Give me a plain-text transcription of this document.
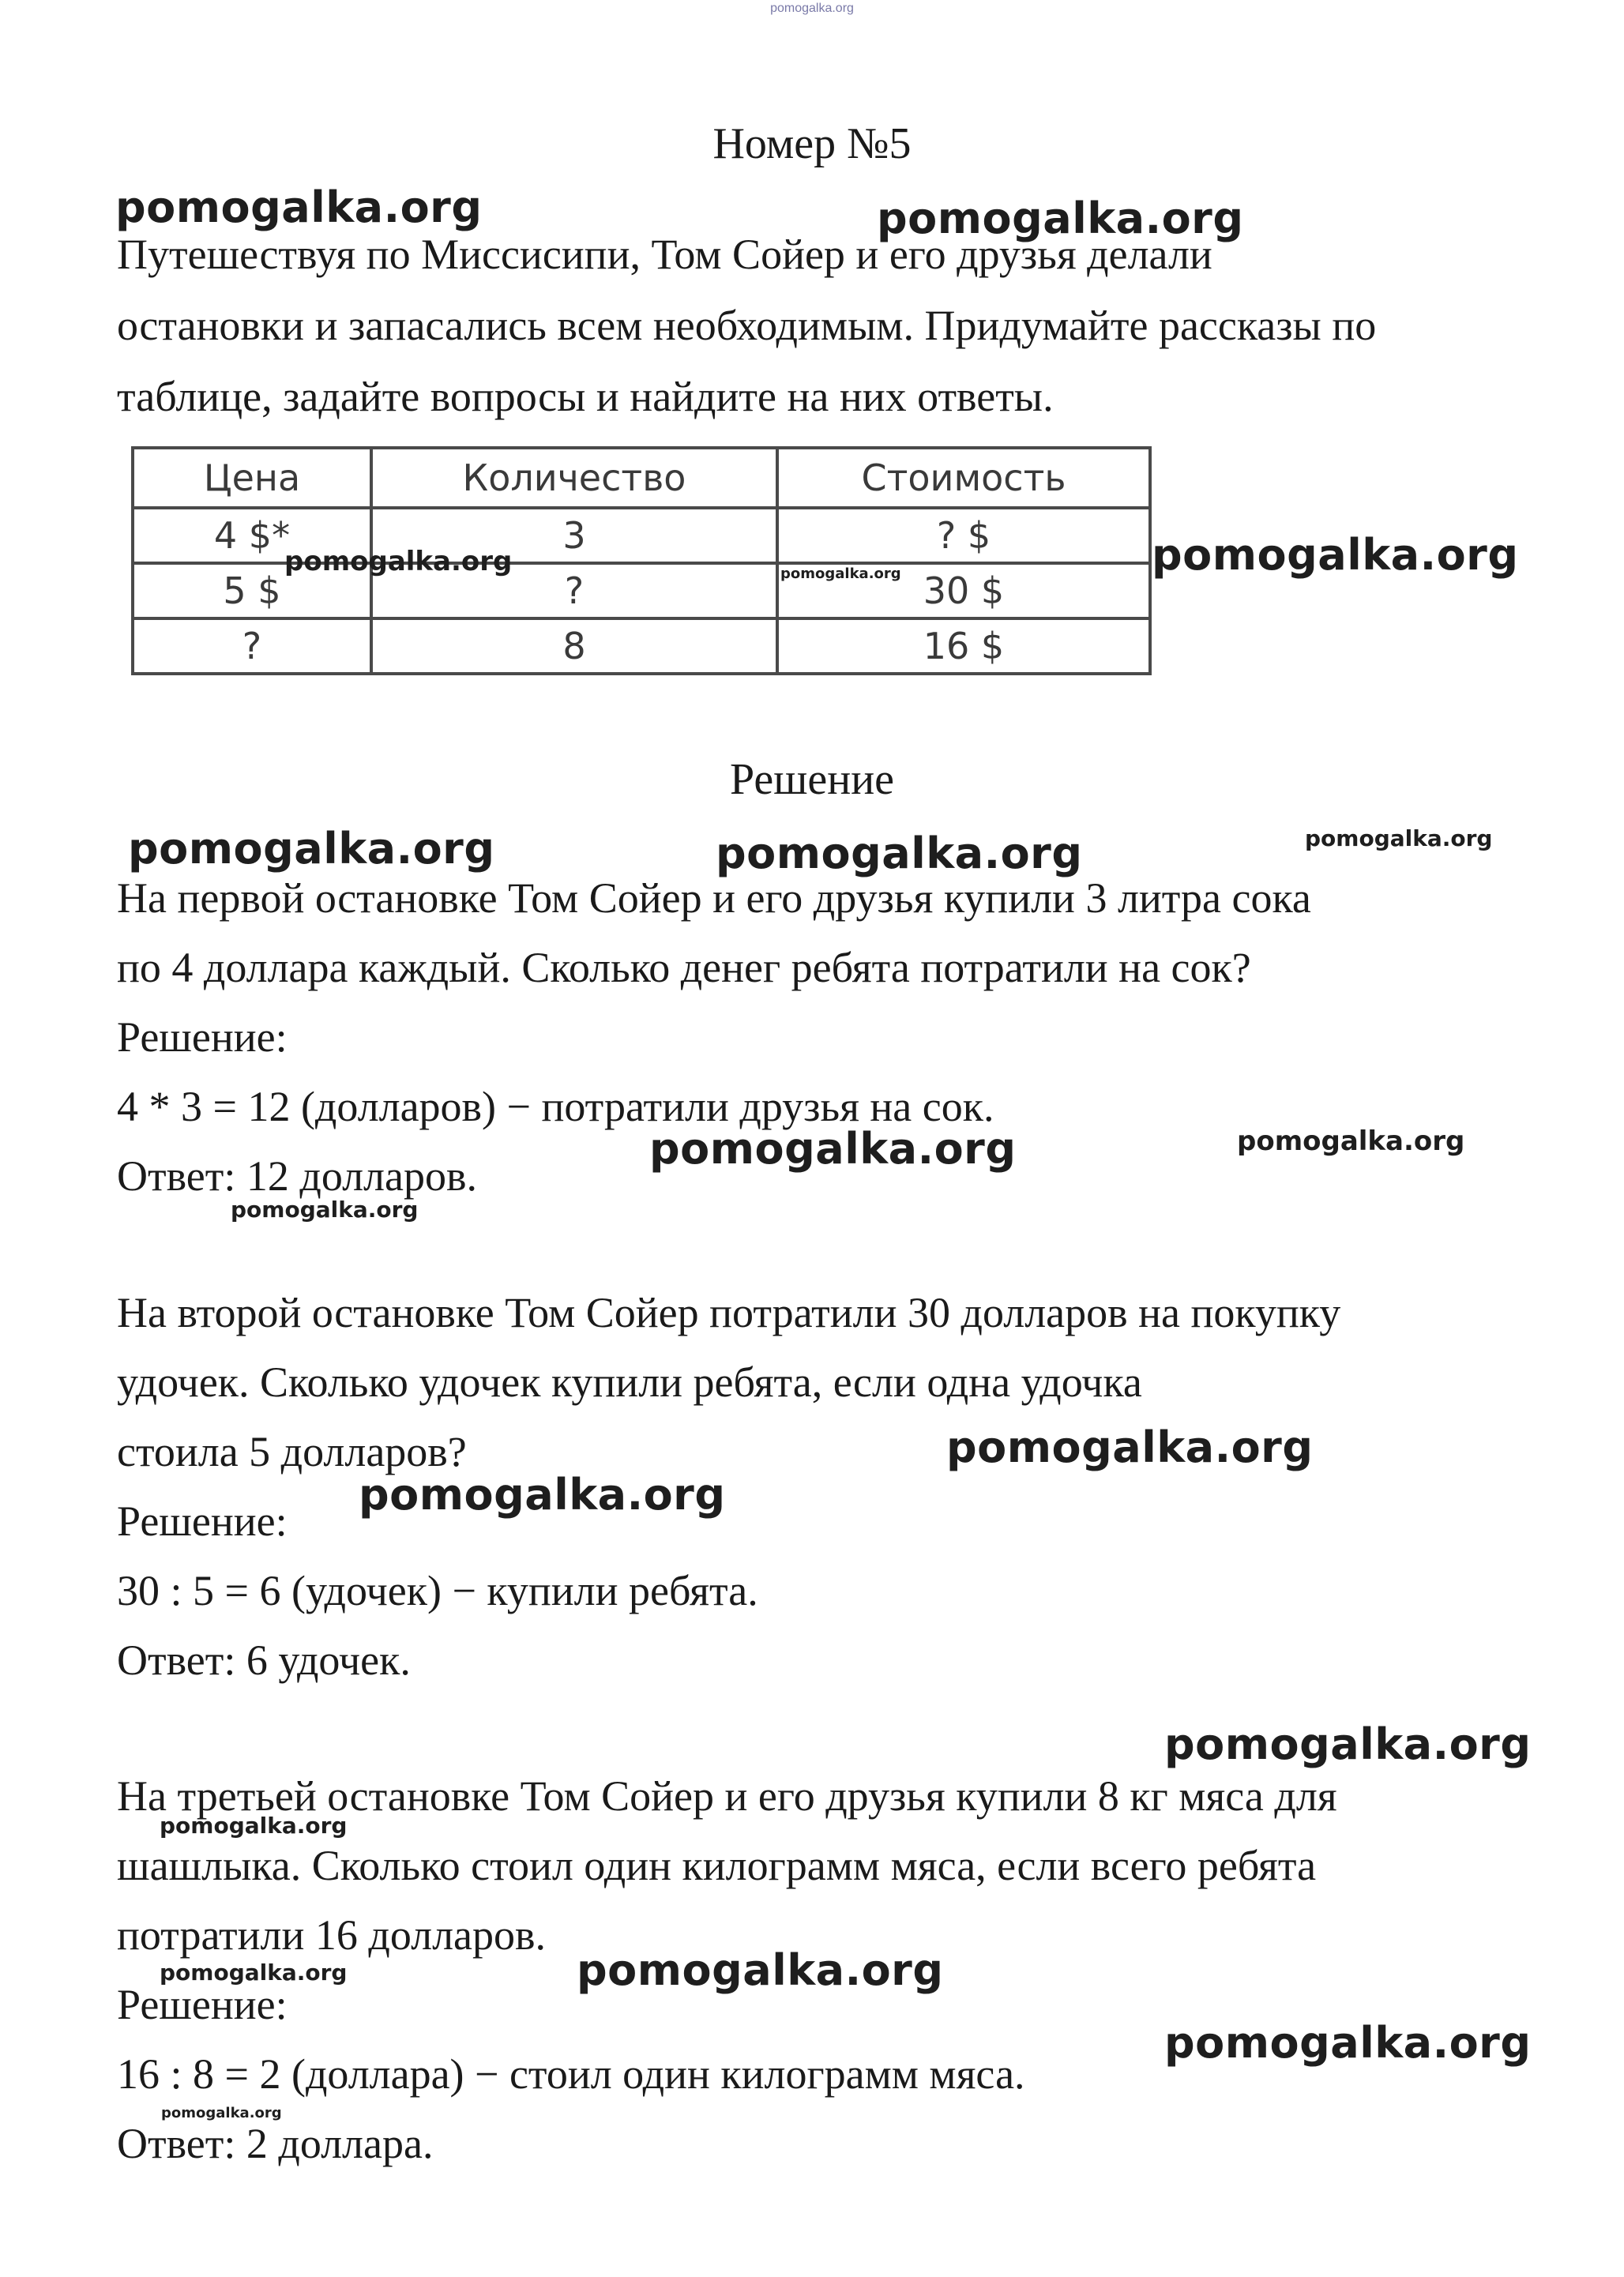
pomogalka.org
Номер №5
Путешествуя по Миссисипи, Том Сойер и его друзья делали
остановки и запасались всем необходимым. Придумайте рассказы по
таблице, задайте вопросы и найдите на них ответы.
Цена	Количество	Стоимость
4 $*	3	? $
5 $	?	30 $
?	8	16 $
Решение
На первой остановке Том Сойер и его друзья купили 3 литра сока
по 4 доллара каждый. Сколько денег ребята потратили на сок?
Решение:
4 * 3 = 12 (долларов) − потратили друзья на сок.
Ответ: 12 долларов.
На второй остановке Том Сойер потратили 30 долларов на покупку
удочек. Сколько удочек купили ребята, если одна удочка
стоила 5 долларов?
Решение:
30 : 5 = 6 (удочек) − купили ребята.
Ответ: 6 удочек.
На третьей остановке Том Сойер и его друзья купили 8 кг мяса для
шашлыка. Сколько стоил один килограмм мяса, если всего ребята
потратили 16 долларов.
Решение:
16 : 8 = 2 (доллара) − стоил один килограмм мяса.
Ответ: 2 доллара.
pomogalka.org	pomogalka.org
pomogalka.org	pomogalka.org	pomogalka.org
pomogalka.org	pomogalka.org	pomogalka.org
pomogalka.org	pomogalka.org
pomogalka.org
pomogalka.org
pomogalka.org
pomogalka.org
pomogalka.org
pomogalka.org	pomogalka.org
pomogalka.org
pomogalka.org
